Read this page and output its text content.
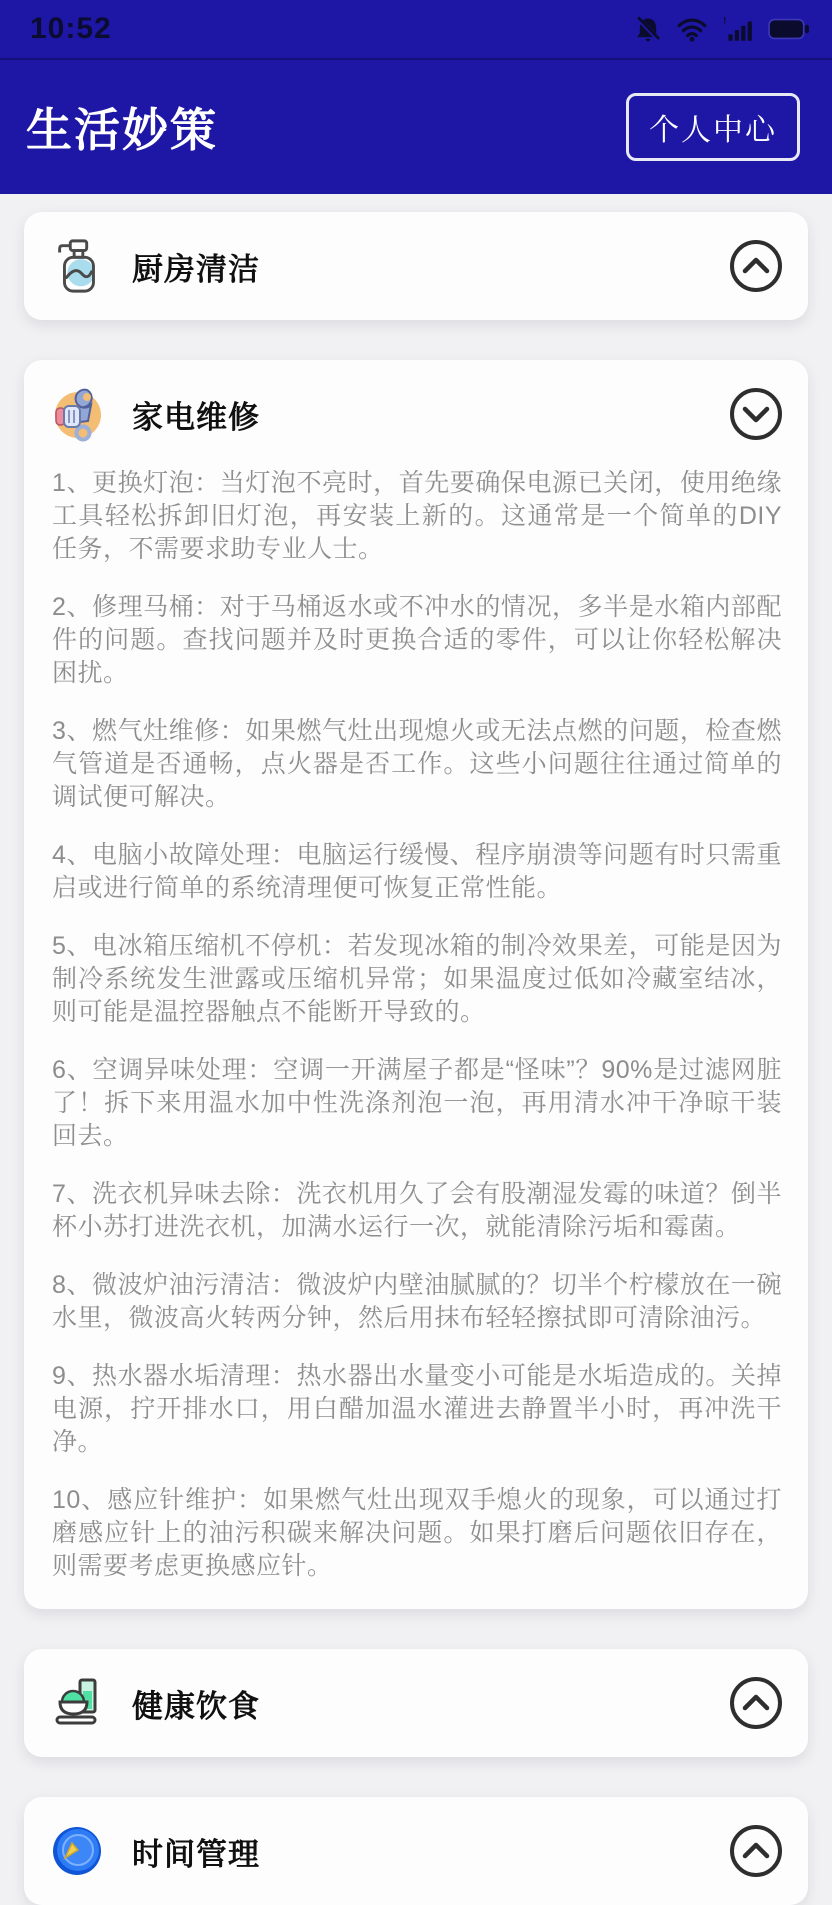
10:52	!
生活妙策	个人中心
厨房清洁
家电维修

1、更换灯泡：当灯泡不亮时，首先要确保电源已关闭，使用绝缘工具轻松拆卸旧灯泡，再安装上新的。这通常是一个简单的DIY任务，不需要求助专业人士。

2、修理马桶：对于马桶返水或不冲水的情况，多半是水箱内部配件的问题。查找问题并及时更换合适的零件，可以让你轻松解决困扰。

3、燃气灶维修：如果燃气灶出现熄火或无法点燃的问题，检查燃气管道是否通畅，点火器是否工作。这些小问题往往通过简单的调试便可解决。

4、电脑小故障处理：电脑运行缓慢、程序崩溃等问题有时只需重启或进行简单的系统清理便可恢复正常性能。

5、电冰箱压缩机不停机：若发现冰箱的制冷效果差，可能是因为制冷系统发生泄露或压缩机异常；如果温度过低如冷藏室结冰，则可能是温控器触点不能断开导致的。

6、空调异味处理：空调一开满屋子都是“怪味”？90%是过滤网脏了！拆下来用温水加中性洗涤剂泡一泡，再用清水冲干净晾干装回去。

7、洗衣机异味去除：洗衣机用久了会有股潮湿发霉的味道？倒半杯小苏打进洗衣机，加满水运行一次，就能清除污垢和霉菌。

8、微波炉油污清洁：微波炉内壁油腻腻的？切半个柠檬放在一碗水里，微波高火转两分钟，然后用抹布轻轻擦拭即可清除油污。

9、热水器水垢清理：热水器出水量变小可能是水垢造成的。关掉电源，拧开排水口，用白醋加温水灌进去静置半小时，再冲洗干净。

10、感应针维护：如果燃气灶出现双手熄火的现象，可以通过打磨感应针上的油污积碳来解决问题。如果打磨后问题依旧存在，则需要考虑更换感应针。

健康饮食
时间管理
